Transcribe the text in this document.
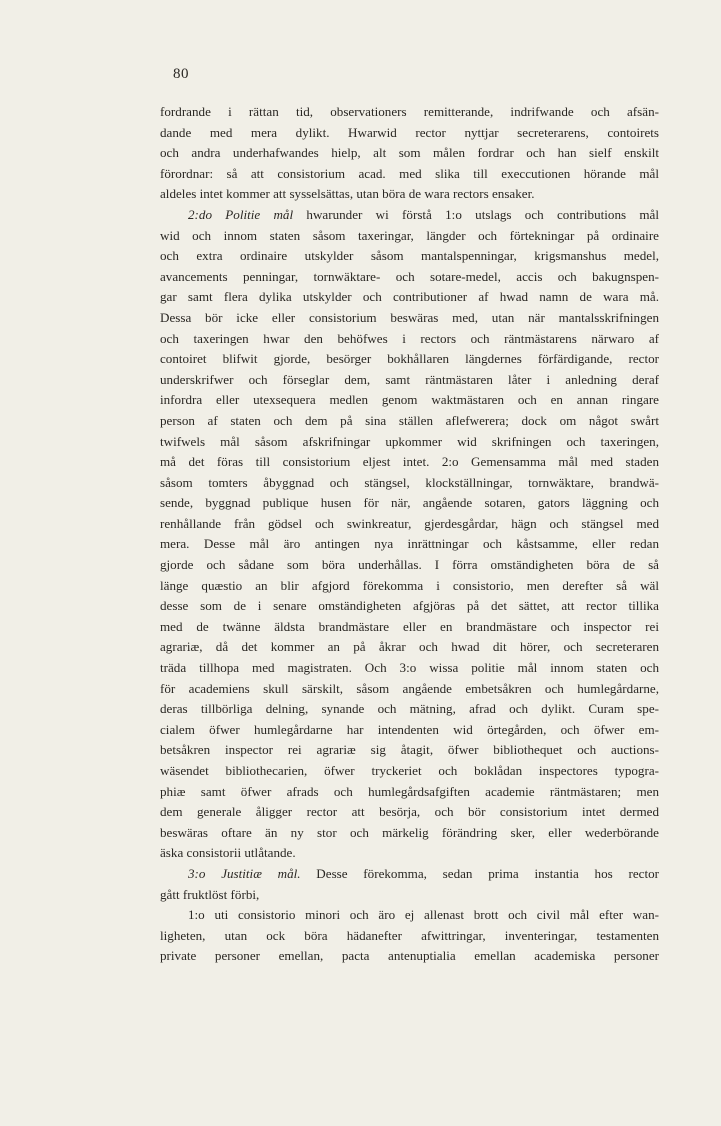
80
fordrande i rättan tid, observationers remitterande, indrifwande och afsän-
dande med mera dylikt. Hwarwid rector nyttjar secreterarens, contoirets
och andra underhafwandes hielp, alt som målen fordrar och han sielf enskilt
förordnar: så att consistorium acad. med slika till execcutionen hörande mål
aldeles intet kommer att sysselsättas, utan böra de wara rectors ensaker.
2:do Politie mål hwarunder wi förstå 1:o utslags och contributions mål
wid och innom staten såsom taxeringar, längder och förtekningar på ordinaire
och extra ordinaire utskylder såsom mantalspenningar, krigsmanshus medel,
avancements penningar, tornwäktare- och sotare-medel, accis och bakugnspen-
gar samt flera dylika utskylder och contributioner af hwad namn de wara må.
Dessa bör icke eller consistorium beswäras med, utan när mantalsskrifningen
och taxeringen hwar den behöfwes i rectors och räntmästarens närwaro af
contoiret blifwit gjorde, besörger bokhållaren längdernes förfärdigande, rector
underskrifwer och förseglar dem, samt räntmästaren låter i anledning deraf
infordra eller utexsequera medlen genom waktmästaren och en annan ringare
person af staten och dem på sina ställen aflefwerera; dock om något swårt
twifwels mål såsom afskrifningar upkommer wid skrifningen och taxeringen,
må det föras till consistorium eljest intet. 2:o Gemensamma mål med staden
såsom tomters åbyggnad och stängsel, klockställningar, tornwäktare, brandwä-
sende, byggnad publique husen för när, angående sotaren, gators läggning och
renhållande från gödsel och swinkreatur, gjerdesgårdar, hägn och stängsel med
mera. Desse mål äro antingen nya inrättningar och kåstsamme, eller redan
gjorde och sådane som böra underhållas. I förra omständigheten böra de så
länge quæstio an blir afgjord förekomma i consistorio, men derefter så wäl
desse som de i senare omständigheten afgjöras på det sättet, att rector tillika
med de twänne äldsta brandmästare eller en brandmästare och inspector rei
agrariæ, då det kommer an på åkrar och hwad dit hörer, och secreteraren
träda tillhopa med magistraten. Och 3:o wissa politie mål innom staten och
för academiens skull särskilt, såsom angående embetsåkren och humlegårdarne,
deras tillbörliga delning, synande och mätning, afrad och dylikt. Curam spe-
cialem öfwer humlegårdarne har intendenten wid örtegården, och öfwer em-
betsåkren inspector rei agrariæ sig åtagit, öfwer bibliothequet och auctions-
wäsendet bibliothecarien, öfwer tryckeriet och boklådan inspectores typogra-
phiæ samt öfwer afrads och humlegårdsafgiften academie räntmästaren; men
dem generale åligger rector att besörja, och bör consistorium intet dermed
beswäras oftare än ny stor och märkelig förändring sker, eller wederbörande
äska consistorii utlåtande.
3:o Justitiæ mål. Desse förekomma, sedan prima instantia hos rector
gått fruktlöst förbi,
1:o uti consistorio minori och äro ej allenast brott och civil mål efter wan-
ligheten, utan ock böra hädanefter afwittringar, inventeringar, testamenten
private personer emellan, pacta antenuptialia emellan academiska personer
